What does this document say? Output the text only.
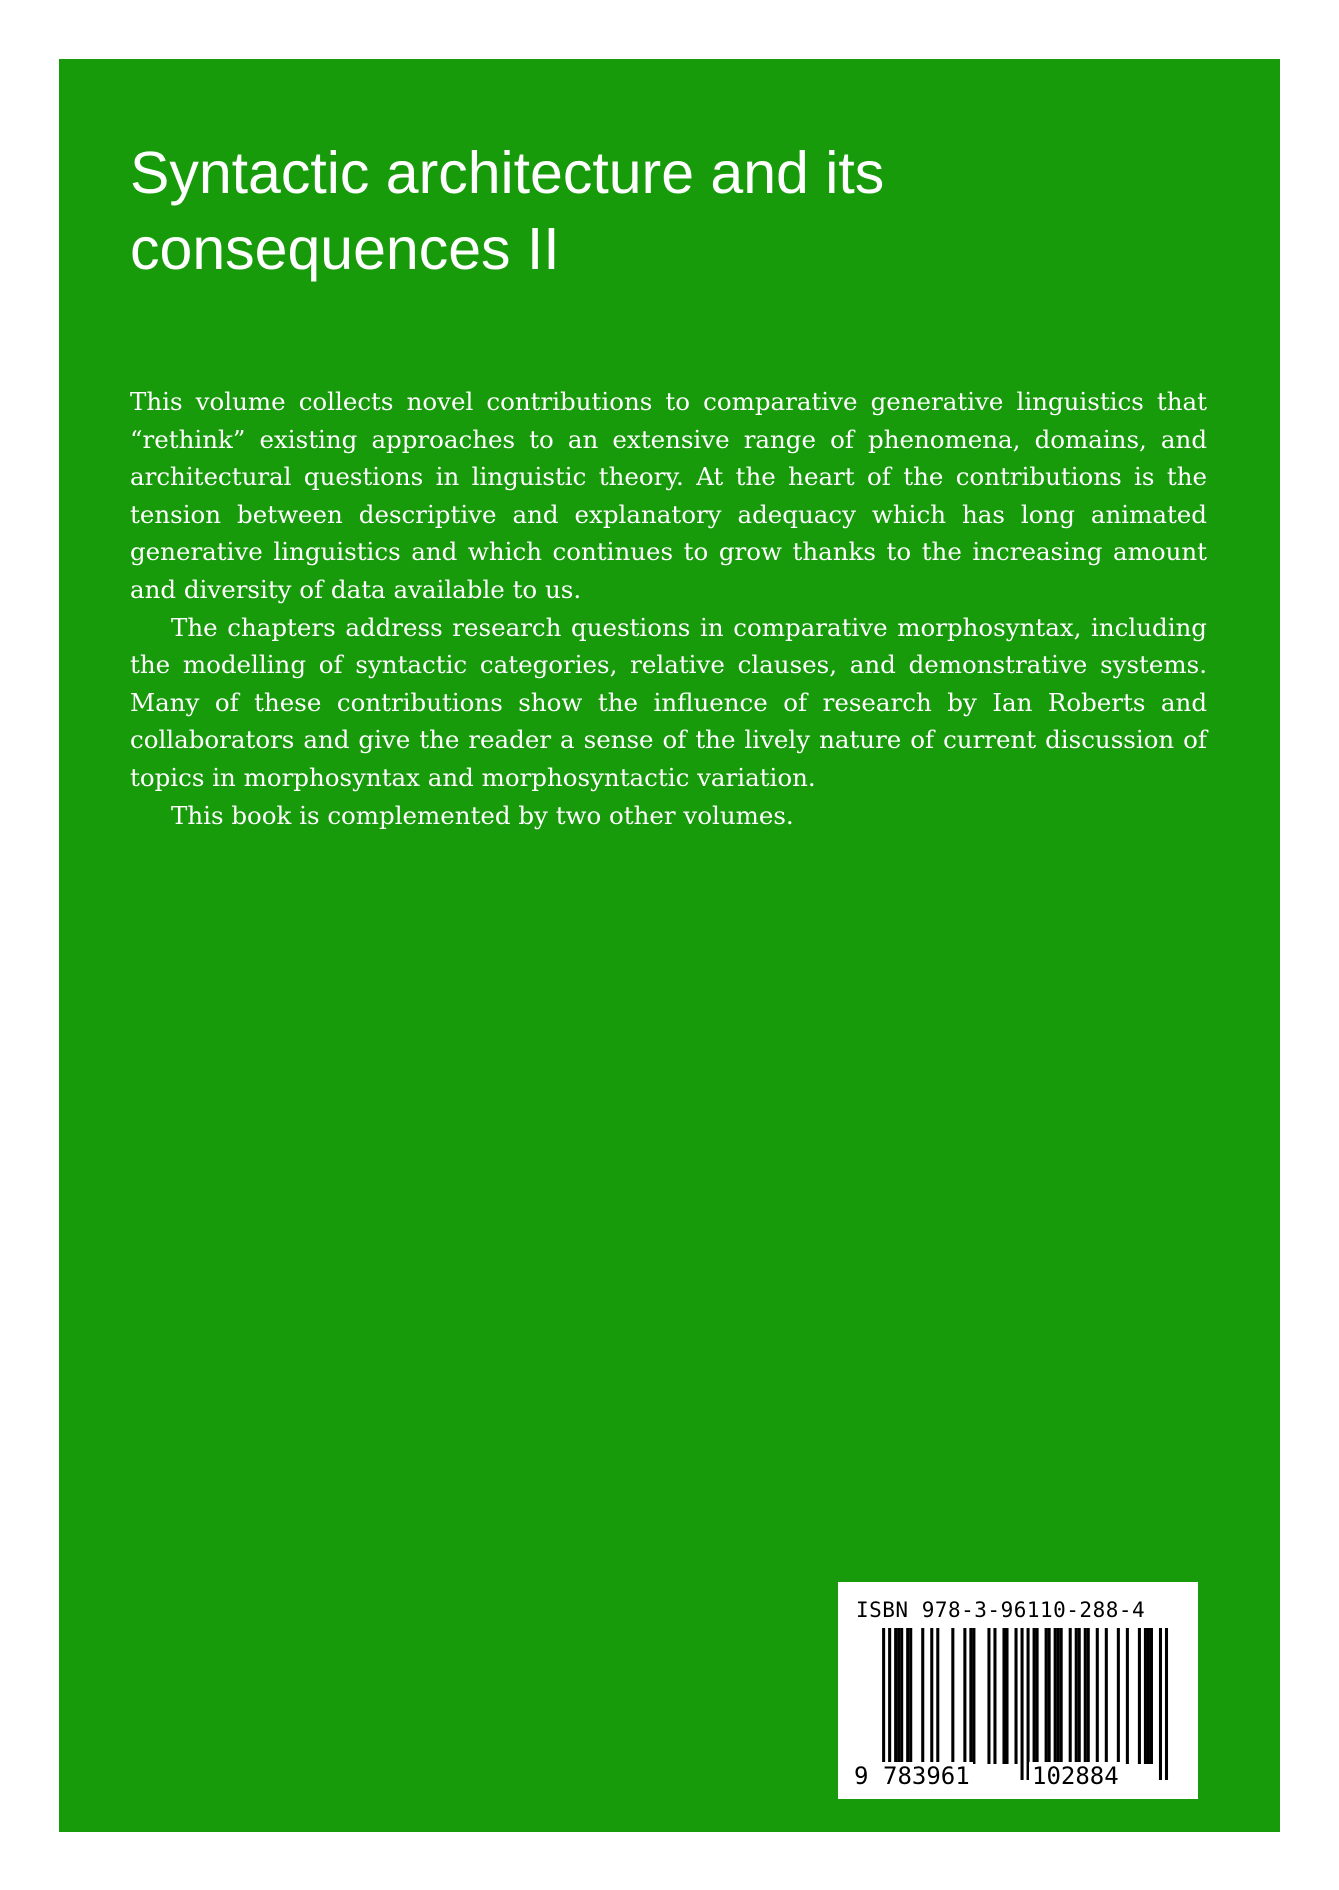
Syntactic architecture and its consequences II

This volume collects novel contributions to comparative generative linguistics that “rethink” existing approaches to an extensive range of phenomena, domains, and architectural questions in linguistic theory. At the heart of the contributions is the tension between descriptive and explanatory adequacy which has long animated generative linguistics and which continues to grow thanks to the increasing amount and diversity of data available to us.

The chapters address research questions in comparative morphosyntax, including the modelling of syntactic categories, relative clauses, and demonstrative systems. Many of these contributions show the influence of research by Ian Roberts and collaborators and give the reader a sense of the lively nature of current discussion of topics in morphosyntax and morphosyntactic variation.

This book is complemented by two other volumes.

ISBN 978-3-96110-288-4
9 783961	102884
